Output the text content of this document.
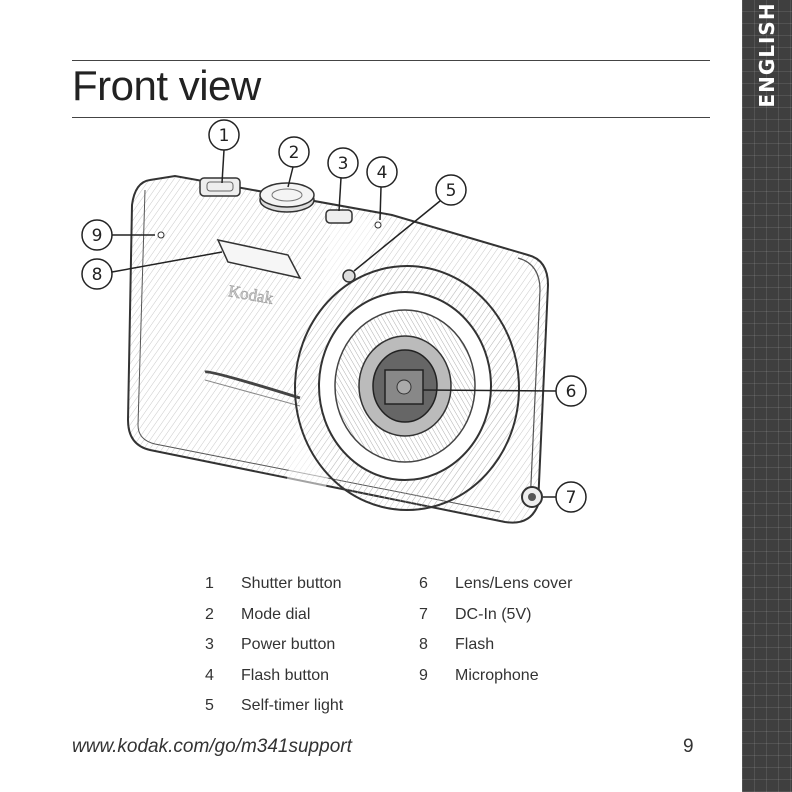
Front view	ENGLISH
Kodak
1
2
3 4
5
6
7
8
9
1	Shutter button
2	Mode dial
3	Power button
4	Flash button
5	Self-timer light
6	Lens/Lens cover
7	DC-In (5V)
8	Flash
9	Microphone
www.kodak.com/go/m341support	9
